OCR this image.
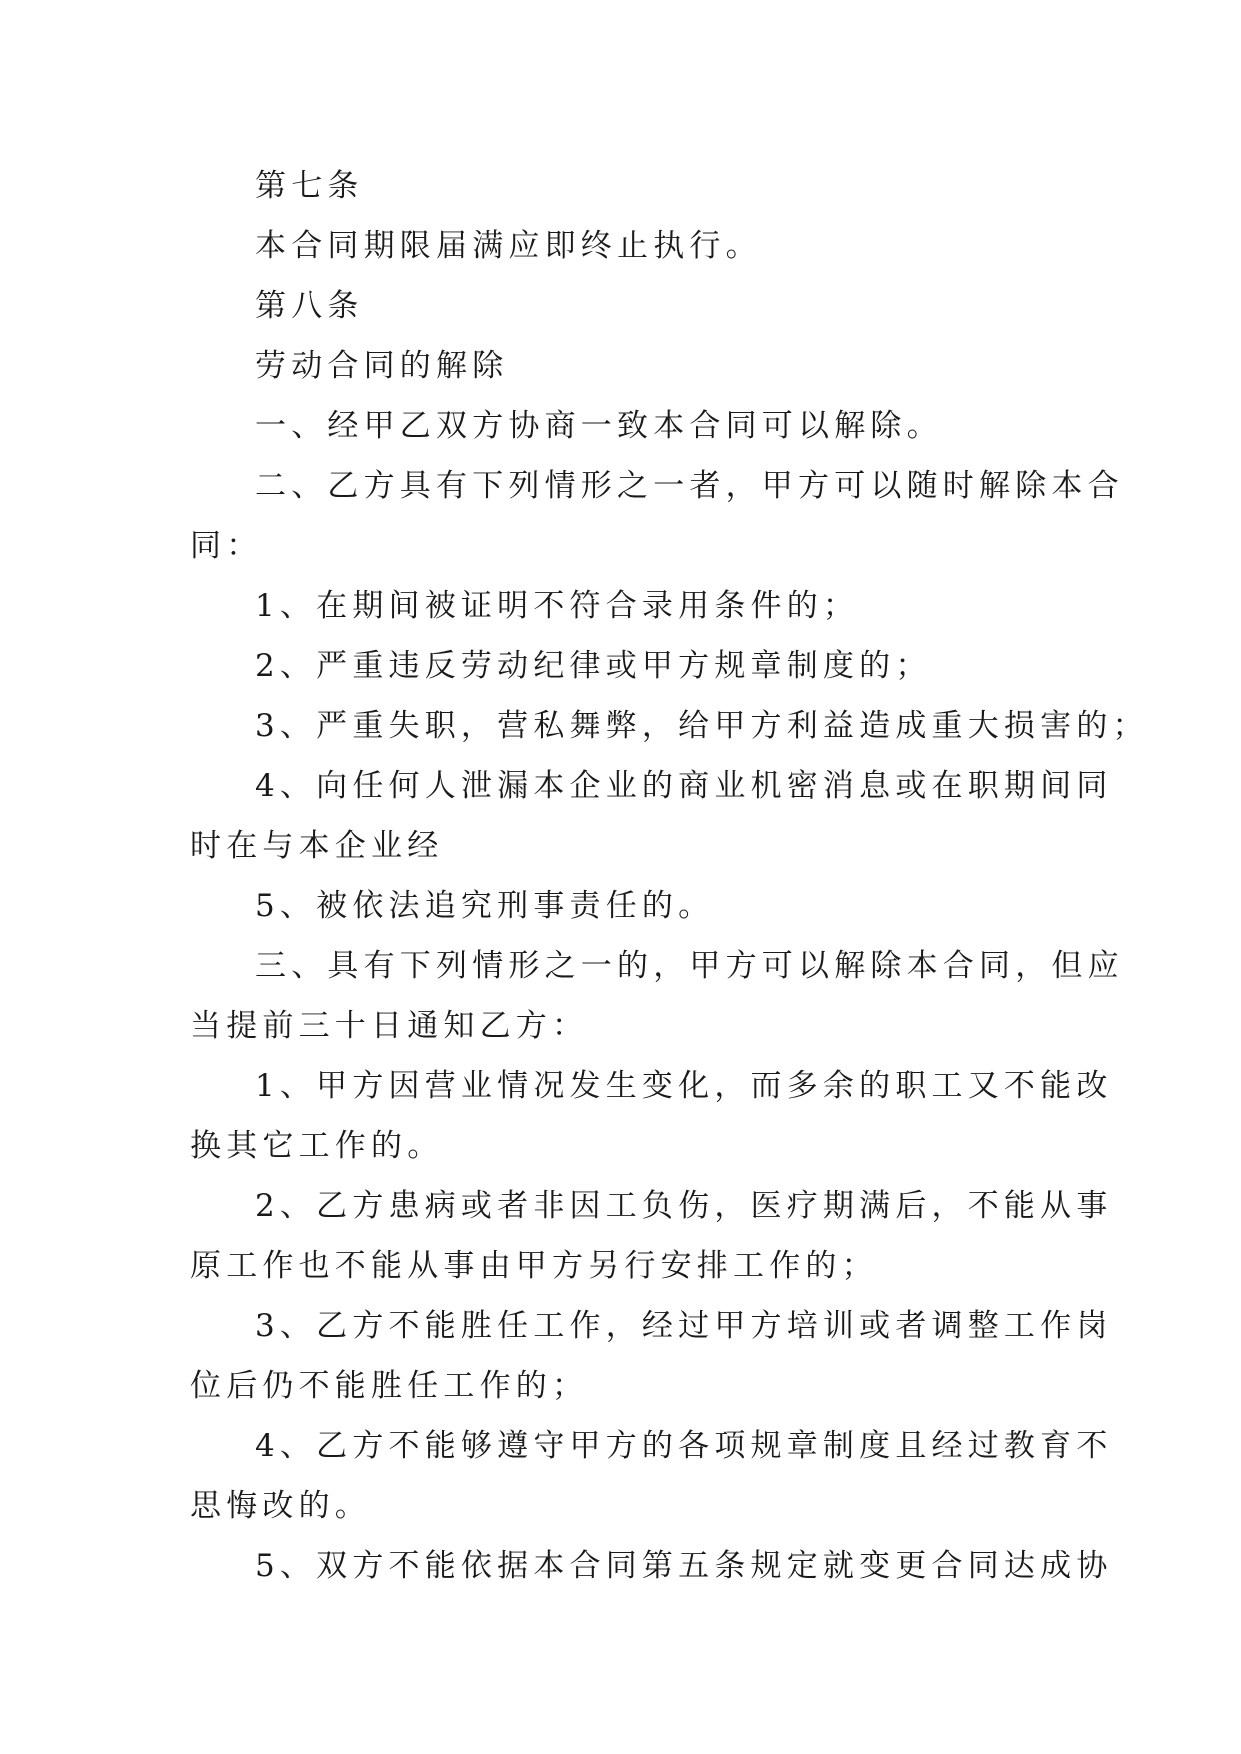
第七条
本合同期限届满应即终止执行。
第八条
劳动合同的解除
一、经甲乙双方协商一致本合同可以解除。
二、乙方具有下列情形之一者，甲方可以随时解除本合
同：
1、在期间被证明不符合录用条件的；
2、严重违反劳动纪律或甲方规章制度的；
3、严重失职，营私舞弊，给甲方利益造成重大损害的；
4、向任何人泄漏本企业的商业机密消息或在职期间同
时在与本企业经
5、被依法追究刑事责任的。
三、具有下列情形之一的，甲方可以解除本合同，但应
当提前三十日通知乙方：
1、甲方因营业情况发生变化，而多余的职工又不能改
换其它工作的。
2、乙方患病或者非因工负伤，医疗期满后，不能从事
原工作也不能从事由甲方另行安排工作的；
3、乙方不能胜任工作，经过甲方培训或者调整工作岗
位后仍不能胜任工作的；
4、乙方不能够遵守甲方的各项规章制度且经过教育不
思悔改的。
5、双方不能依据本合同第五条规定就变更合同达成协
